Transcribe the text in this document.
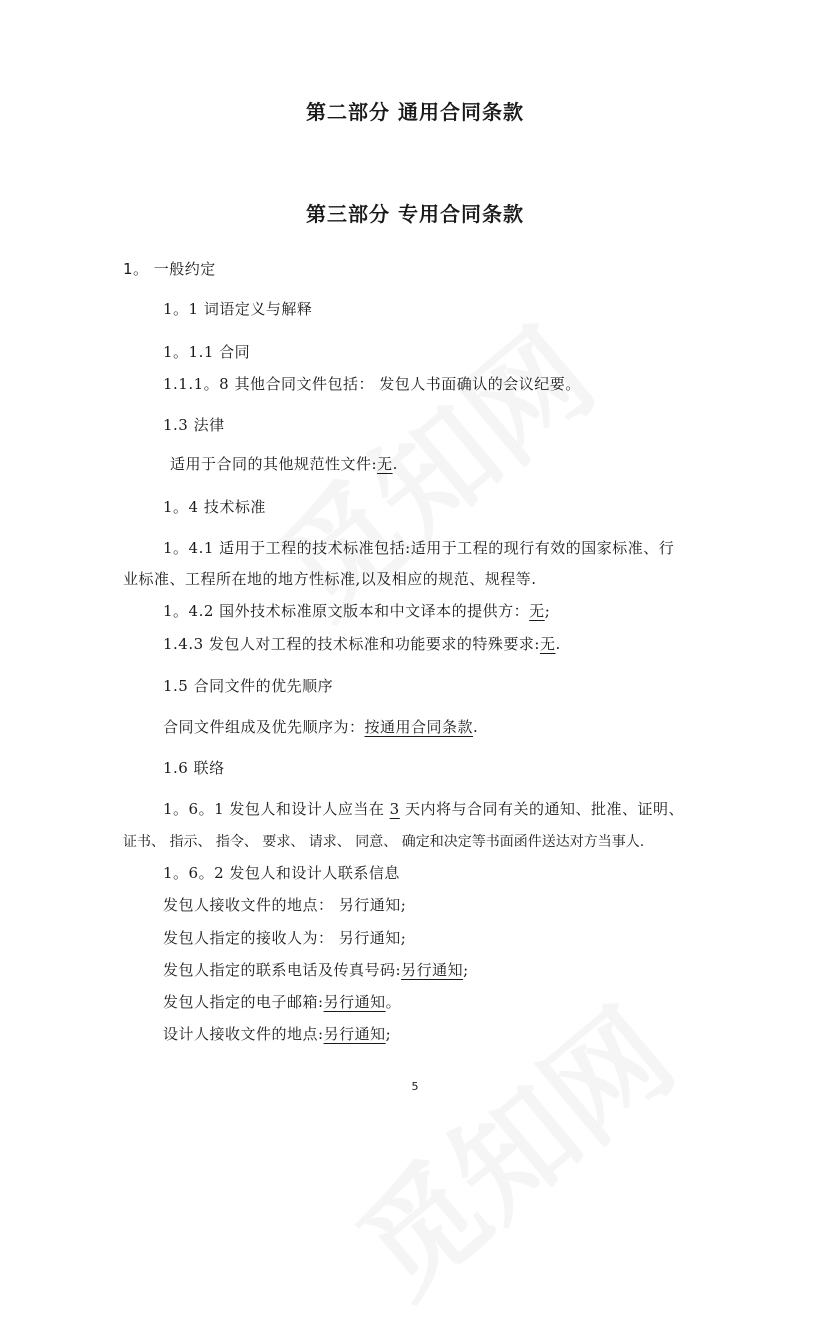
第二部分 通用合同条款
第三部分 专用合同条款
1。 一般约定
1。1 词语定义与解释
1。1.1 合同
1.1.1。8 其他合同文件包括： 发包人书面确认的会议纪要。
1.3 法律
适用于合同的其他规范性文件:无.
1。4 技术标准
1。4.1 适用于工程的技术标准包括:适用于工程的现行有效的国家标准、行
业标准、工程所在地的地方性标准,以及相应的规范、规程等.
1。4.2 国外技术标准原文版本和中文译本的提供方：无;
1.4.3 发包人对工程的技术标准和功能要求的特殊要求:无.
1.5 合同文件的优先顺序
合同文件组成及优先顺序为：按通用合同条款.
1.6 联络
1。6。1 发包人和设计人应当在 3 天内将与合同有关的通知、批准、证明、
证书、 指示、 指令、 要求、 请求、 同意、 确定和决定等书面函件送达对方当事人.
1。6。2 发包人和设计人联系信息
发包人接收文件的地点： 另行通知;
发包人指定的接收人为： 另行通知;
发包人指定的联系电话及传真号码:另行通知;
发包人指定的电子邮箱:另行通知。
设计人接收文件的地点:另行通知;
5
